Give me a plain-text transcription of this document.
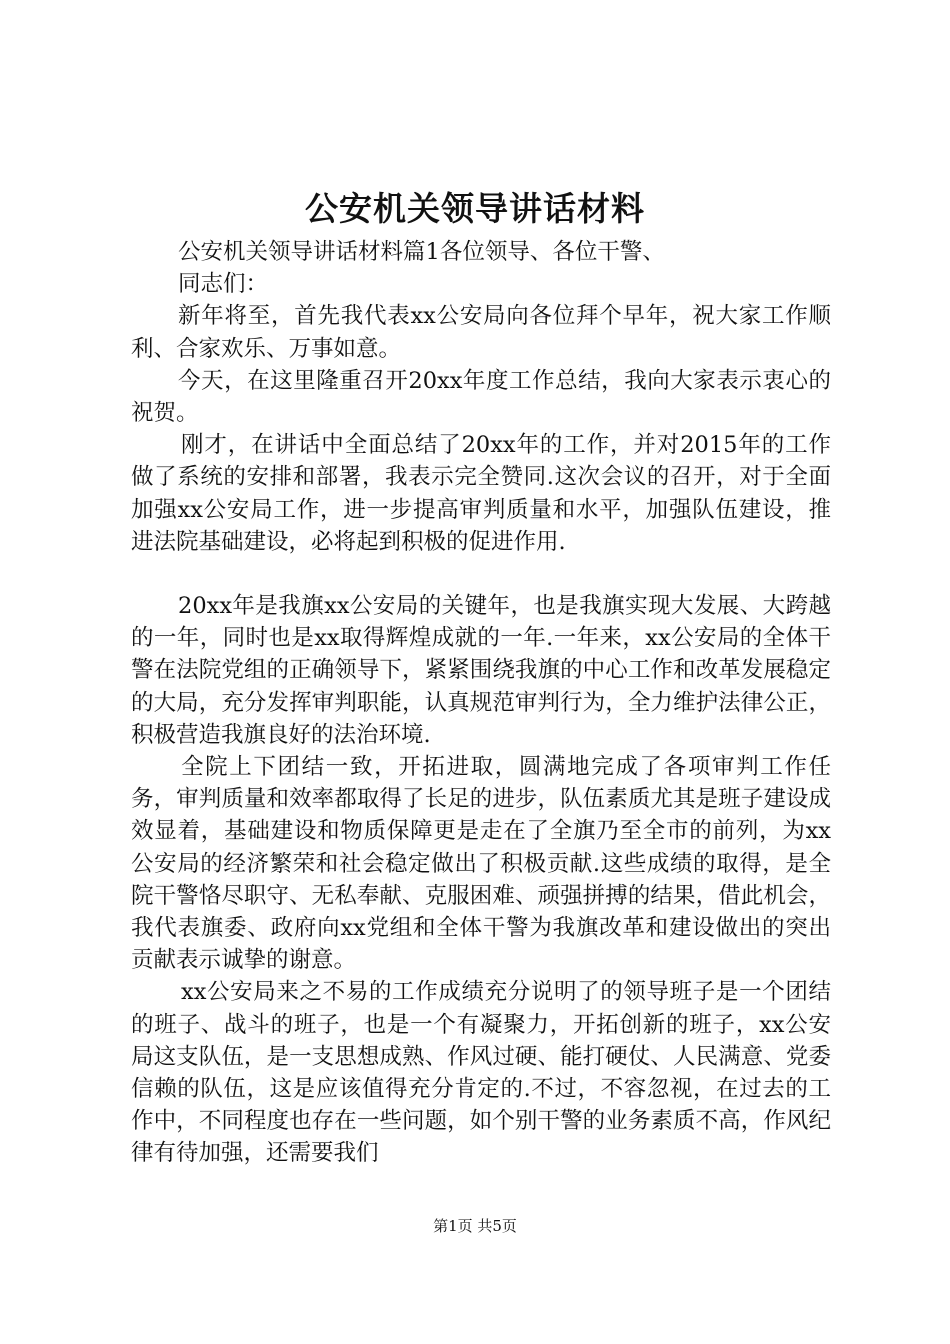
公安机关领导讲话材料

公安机关领导讲话材料篇1各位领导、各位干警、

同志们：

新年将至，首先我代表xx公安局向各位拜个早年，祝大家工作顺利、合家欢乐、万事如意。

今天，在这里隆重召开20xx年度工作总结，我向大家表示衷心的祝贺。

刚才，在讲话中全面总结了20xx年的工作，并对2015年的工作做了系统的安排和部署，我表示完全赞同.这次会议的召开，对于全面加强xx公安局工作，进一步提高审判质量和水平，加强队伍建设，推进法院基础建设，必将起到积极的促进作用.

20xx年是我旗xx公安局的关键年，也是我旗实现大发展、大跨越的一年，同时也是xx取得辉煌成就的一年.一年来，xx公安局的全体干警在法院党组的正确领导下，紧紧围绕我旗的中心工作和改革发展稳定的大局，充分发挥审判职能，认真规范审判行为，全力维护法律公正，积极营造我旗良好的法治环境.

全院上下团结一致，开拓进取，圆满地完成了各项审判工作任务，审判质量和效率都取得了长足的进步，队伍素质尤其是班子建设成效显着，基础建设和物质保障更是走在了全旗乃至全市的前列，为xx公安局的经济繁荣和社会稳定做出了积极贡献.这些成绩的取得，是全院干警恪尽职守、无私奉献、克服困难、顽强拼搏的结果，借此机会，我代表旗委、政府向xx党组和全体干警为我旗改革和建设做出的突出贡献表示诚挚的谢意。

xx公安局来之不易的工作成绩充分说明了的领导班子是一个团结的班子、战斗的班子，也是一个有凝聚力，开拓创新的班子，xx公安局这支队伍，是一支思想成熟、作风过硬、能打硬仗、人民满意、党委信赖的队伍，这是应该值得充分肯定的.不过，不容忽视，在过去的工作中，不同程度也存在一些问题，如个别干警的业务素质不高，作风纪律有待加强，还需要我们

第1页 共5页
